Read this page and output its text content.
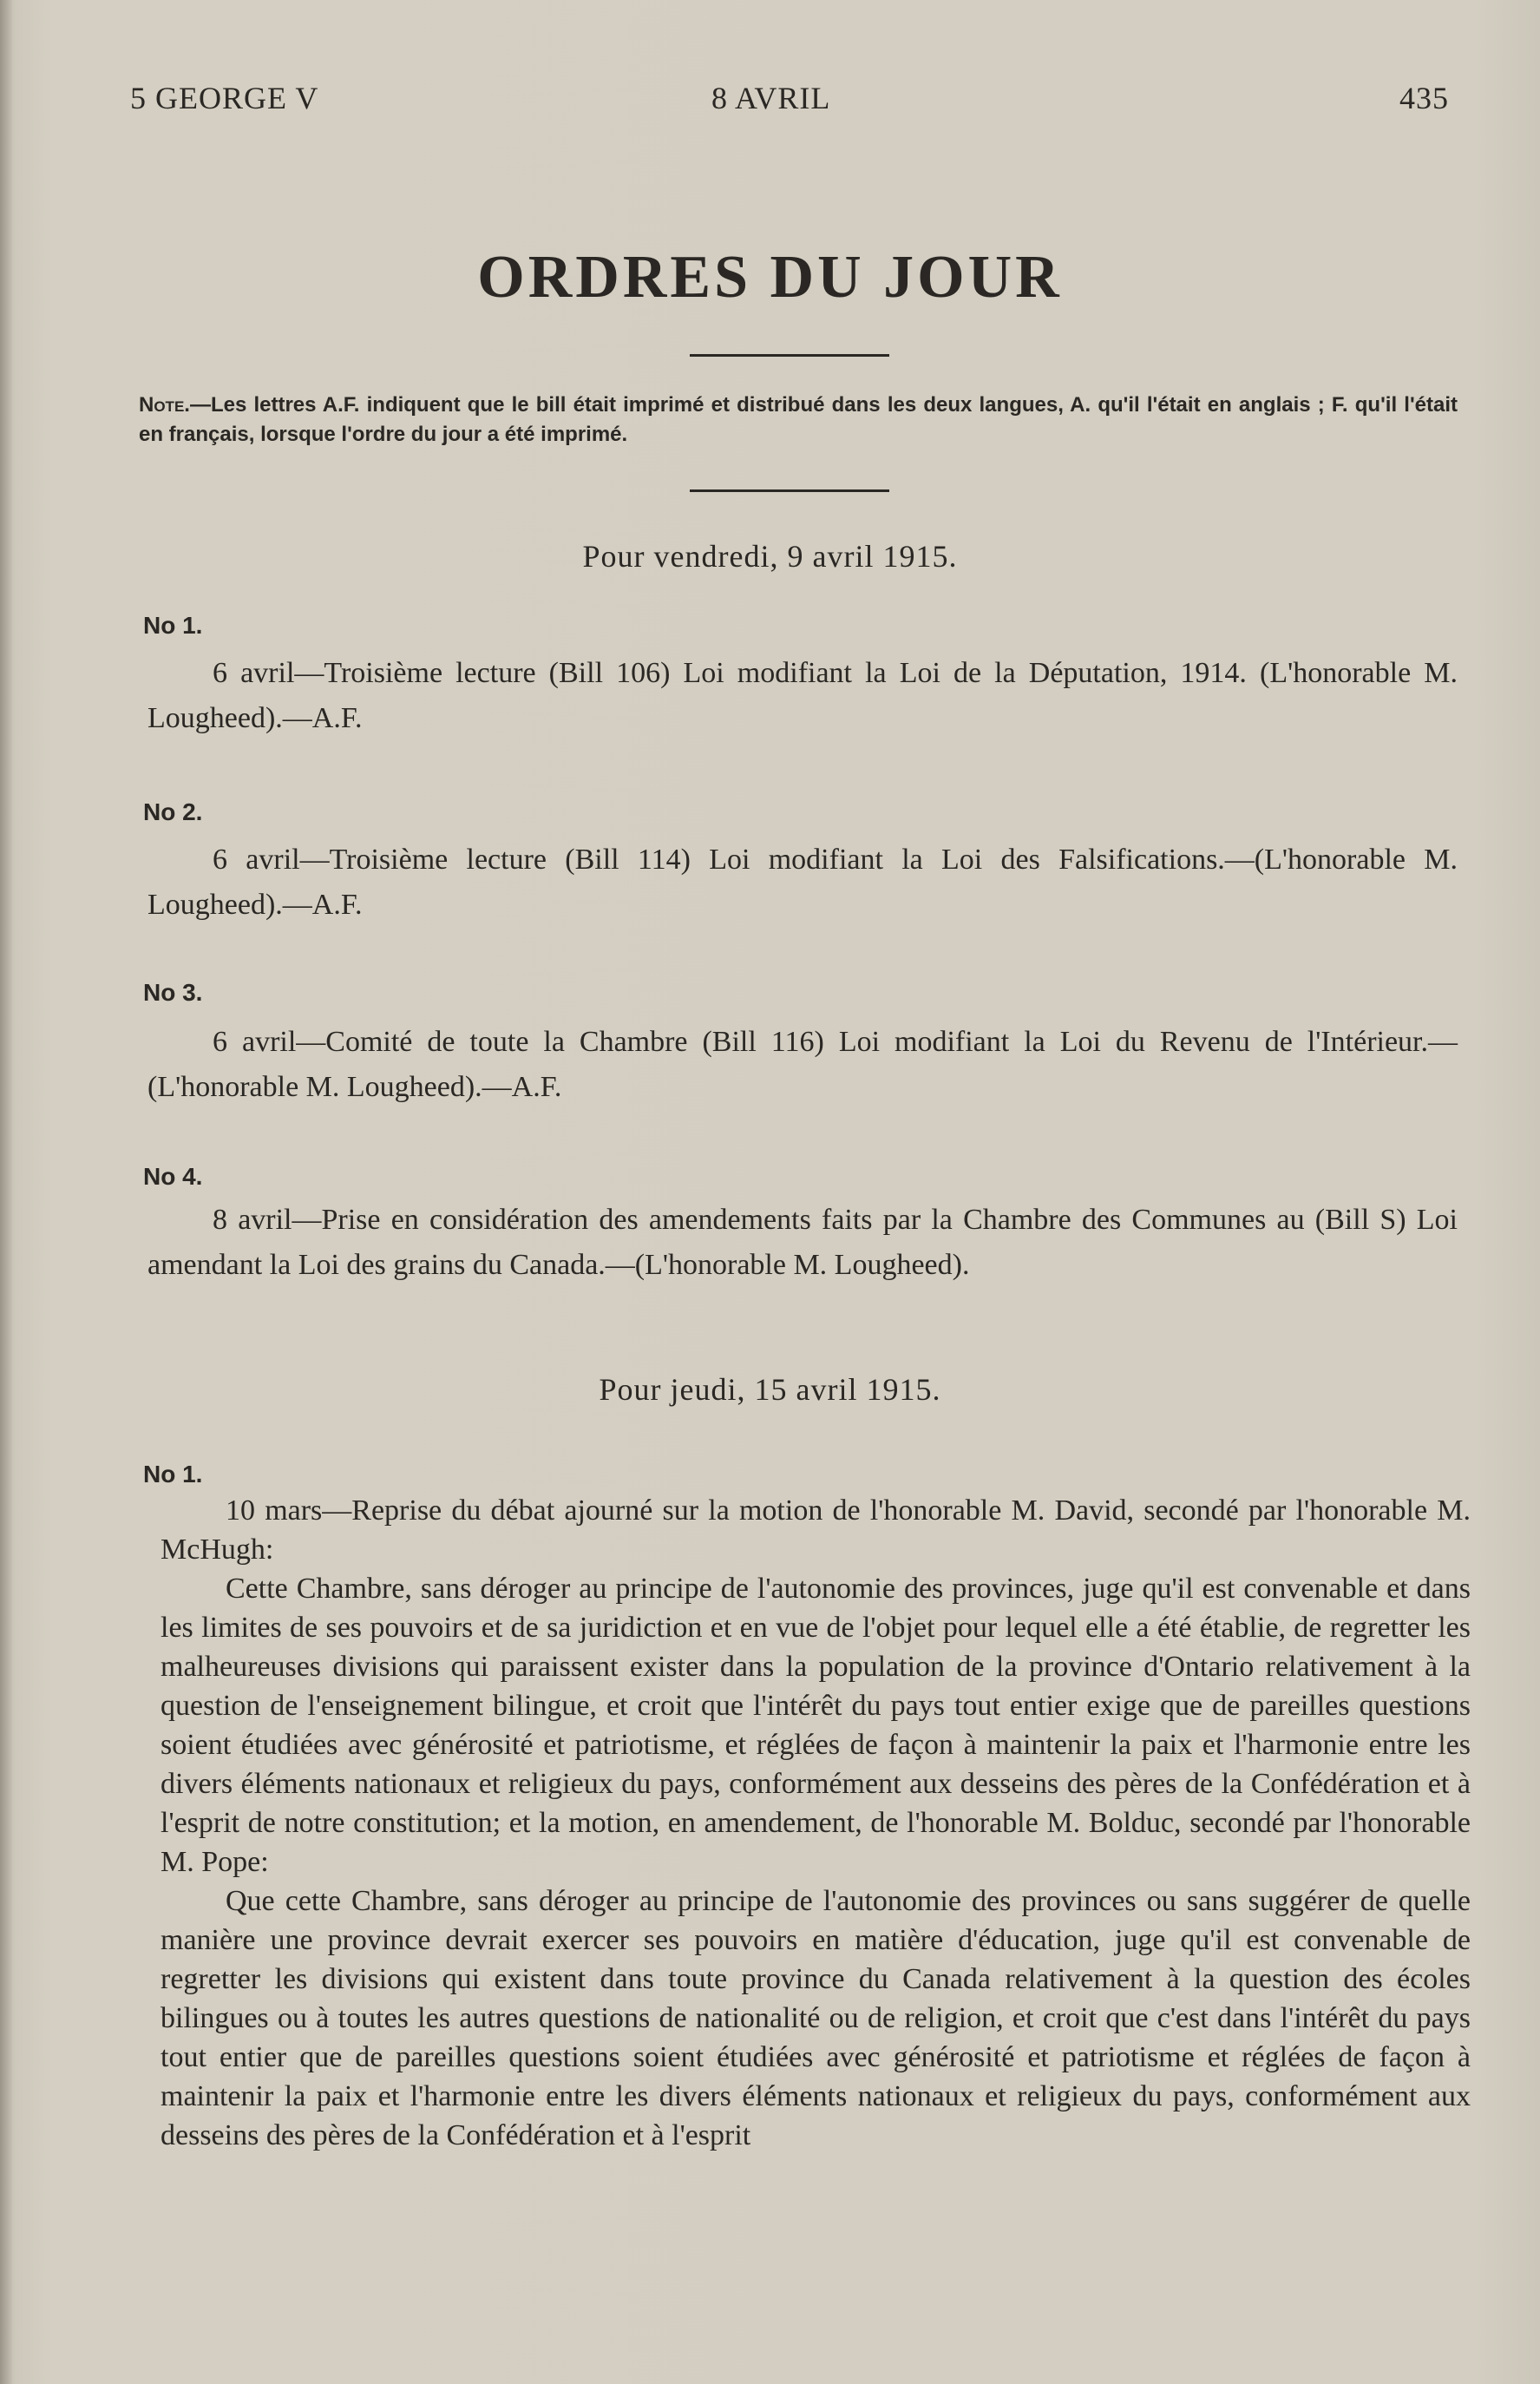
5 GEORGE V	8 AVRIL	435
ORDRES DU JOUR
Note.—Les lettres A.F. indiquent que le bill était imprimé et distribué dans les deux langues, A. qu'il l'était en anglais ; F. qu'il l'était en français, lorsque l'ordre du jour a été imprimé.
Pour vendredi, 9 avril 1915.
No 1.
6 avril—Troisième lecture (Bill 106) Loi modifiant la Loi de la Députation, 1914. (L'honorable M. Lougheed).—A.F.
No 2.
6 avril—Troisième lecture (Bill 114) Loi modifiant la Loi des Falsifications.—(L'honorable M. Lougheed).—A.F.
No 3.
6 avril—Comité de toute la Chambre (Bill 116) Loi modifiant la Loi du Revenu de l'Intérieur.—(L'honorable M. Lougheed).—A.F.
No 4.
8 avril—Prise en considération des amendements faits par la Chambre des Communes au (Bill S) Loi amendant la Loi des grains du Canada.—(L'honorable M. Lougheed).
Pour jeudi, 15 avril 1915.
No 1.

10 mars—Reprise du débat ajourné sur la motion de l'honorable M. David, secondé par l'honorable M. McHugh:

Cette Chambre, sans déroger au principe de l'autonomie des provinces, juge qu'il est convenable et dans les limites de ses pouvoirs et de sa juridiction et en vue de l'objet pour lequel elle a été établie, de regretter les malheureuses divisions qui paraissent exister dans la population de la province d'Ontario relativement à la question de l'enseignement bilingue, et croit que l'intérêt du pays tout entier exige que de pareilles questions soient étudiées avec générosité et patriotisme, et réglées de façon à maintenir la paix et l'harmonie entre les divers éléments nationaux et religieux du pays, conformément aux desseins des pères de la Confédération et à l'esprit de notre constitution; et la motion, en amendement, de l'honorable M. Bolduc, secondé par l'honorable M. Pope:

Que cette Chambre, sans déroger au principe de l'autonomie des provinces ou sans suggérer de quelle manière une province devrait exercer ses pouvoirs en matière d'éducation, juge qu'il est convenable de regretter les divisions qui existent dans toute province du Canada relativement à la question des écoles bilingues ou à toutes les autres questions de nationalité ou de religion, et croit que c'est dans l'intérêt du pays tout entier que de pareilles questions soient étudiées avec générosité et patriotisme et réglées de façon à maintenir la paix et l'harmonie entre les divers éléments nationaux et religieux du pays, conformément aux desseins des pères de la Confédération et à l'esprit
